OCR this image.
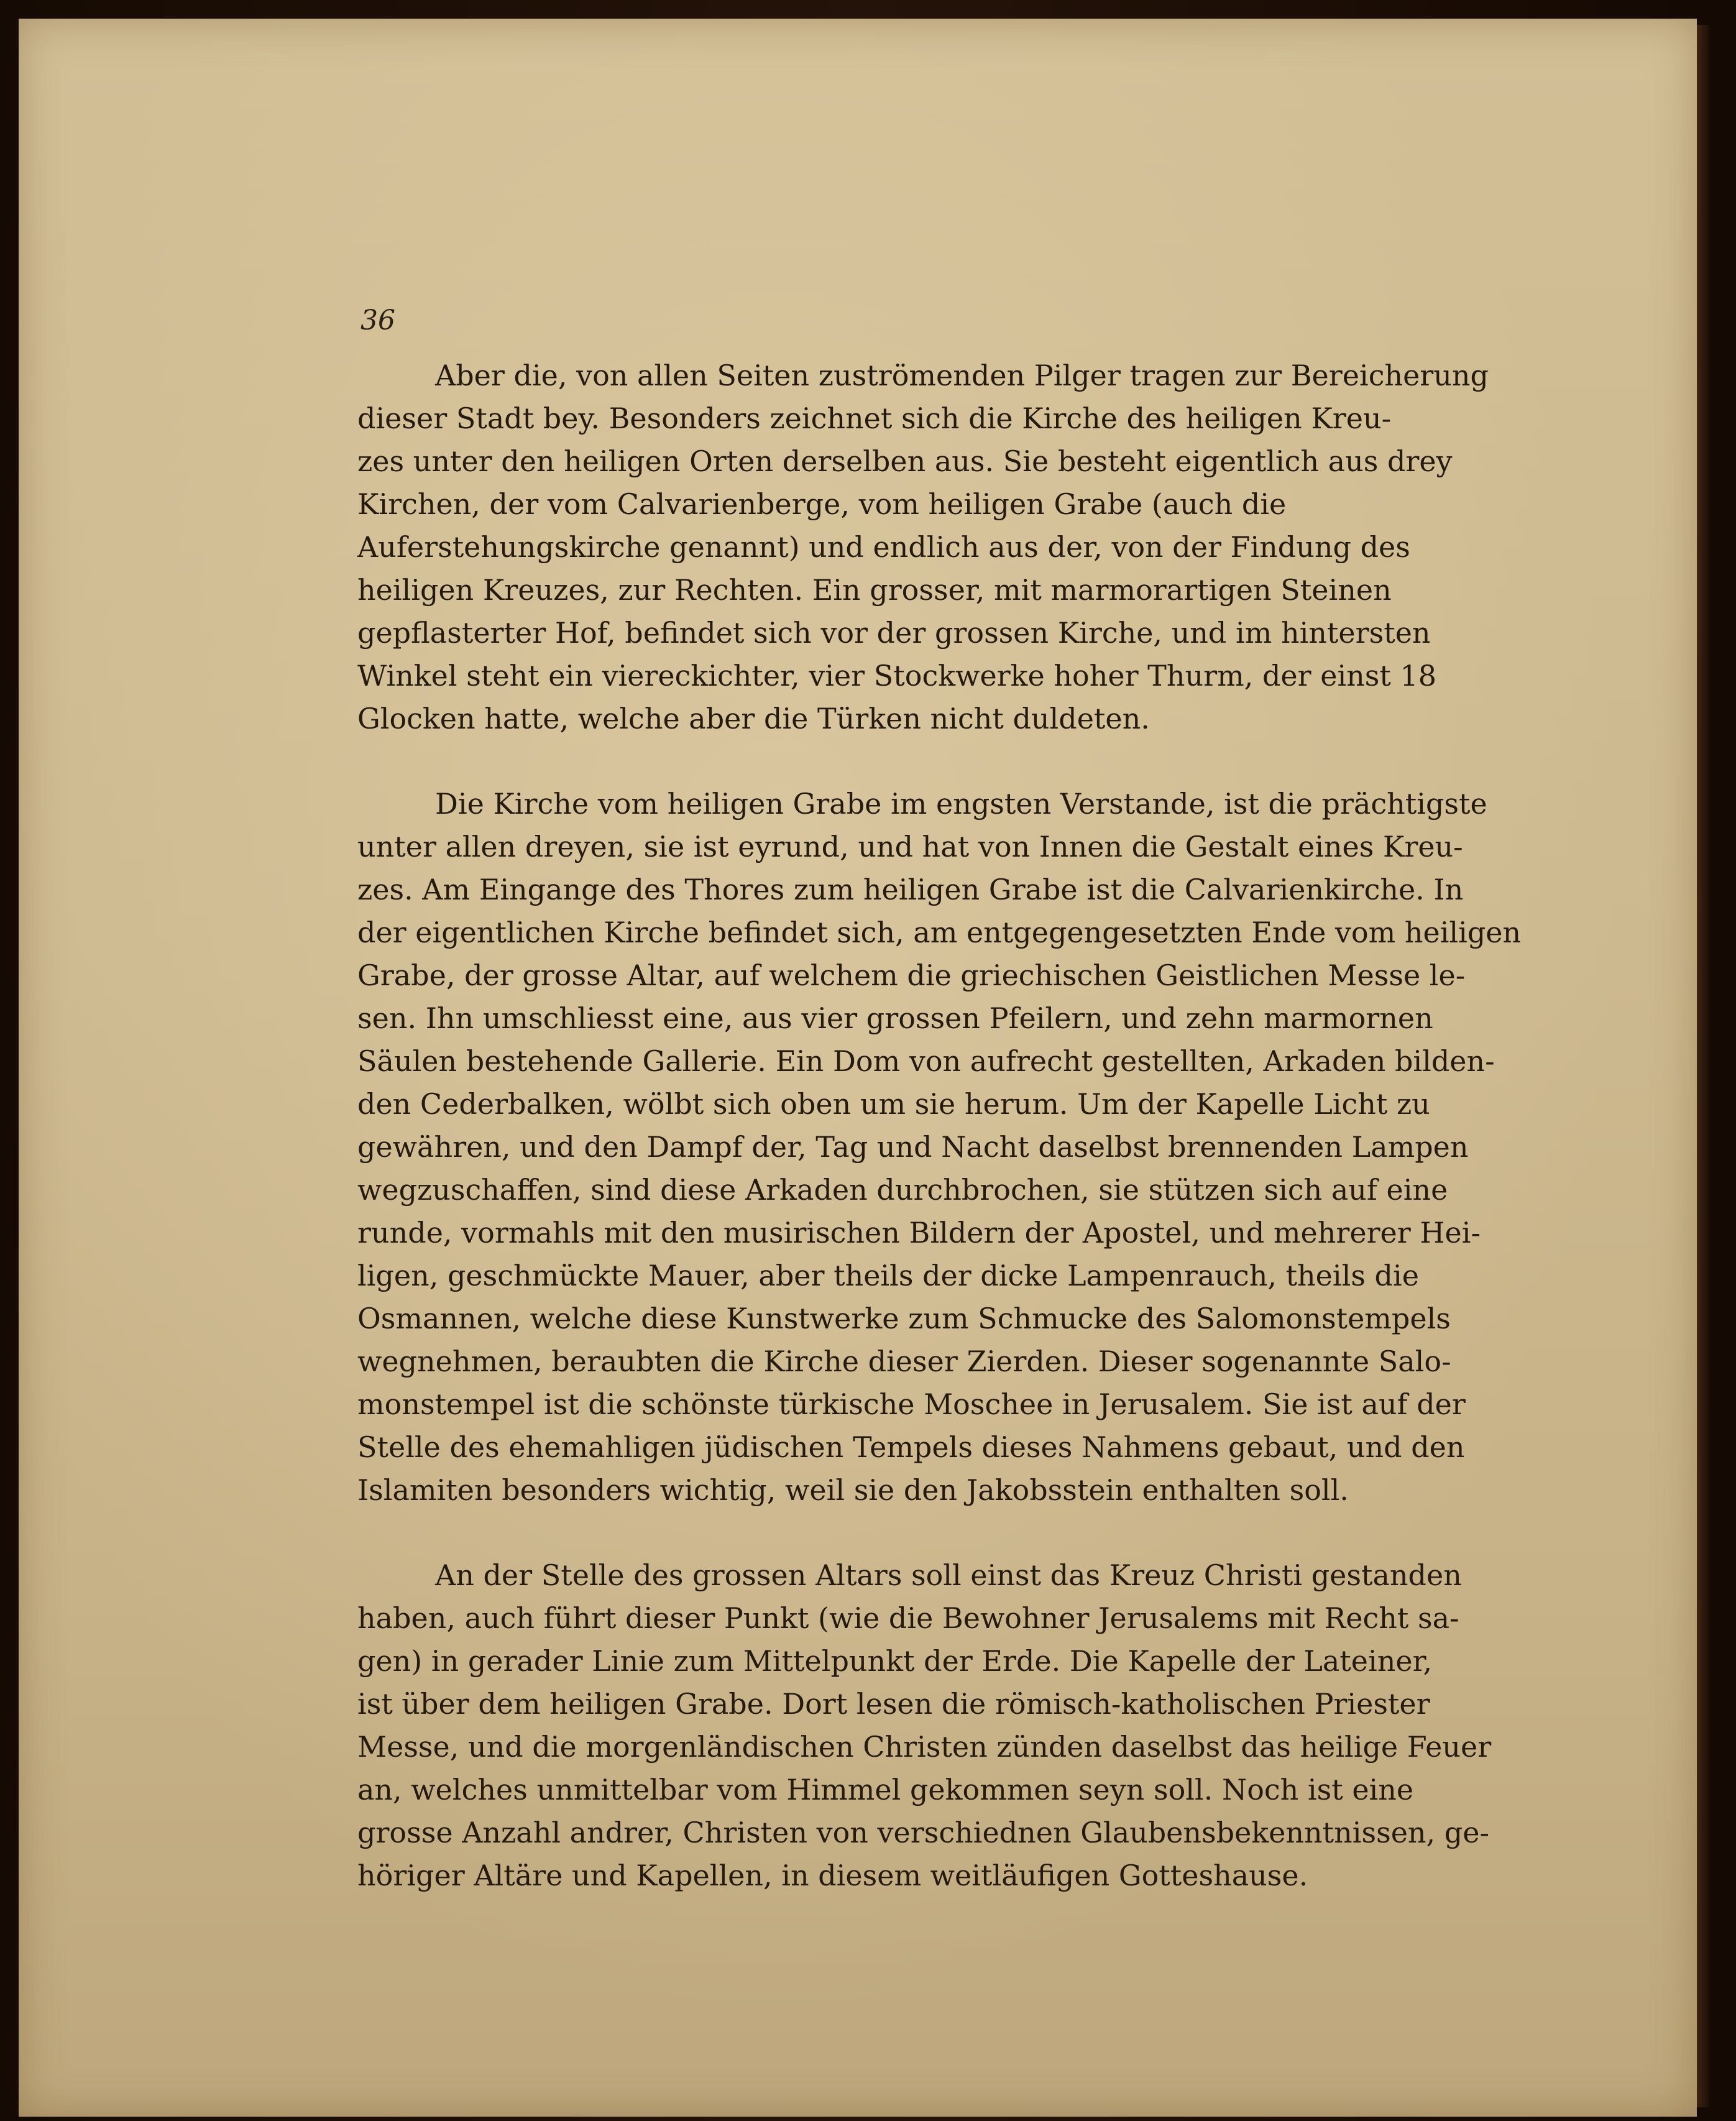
36
Aber die, von allen Seiten zuströmenden Pilger tragen zur Bereicherung
dieser Stadt bey. Besonders zeichnet sich die Kirche des heiligen Kreu-
zes unter den heiligen Orten derselben aus. Sie besteht eigentlich aus drey
Kirchen, der vom Calvarienberge, vom heiligen Grabe (auch die
Auferstehungskirche genannt) und endlich aus der, von der Findung des
heiligen Kreuzes, zur Rechten. Ein grosser, mit marmorartigen Steinen
gepflasterter Hof, befindet sich vor der grossen Kirche, und im hintersten
Winkel steht ein viereckichter, vier Stockwerke hoher Thurm, der einst 18
Glocken hatte, welche aber die Türken nicht duldeten.
Die Kirche vom heiligen Grabe im engsten Verstande, ist die prächtigste
unter allen dreyen, sie ist eyrund, und hat von Innen die Gestalt eines Kreu-
zes. Am Eingange des Thores zum heiligen Grabe ist die Calvarienkirche. In
der eigentlichen Kirche befindet sich, am entgegengesetzten Ende vom heiligen
Grabe, der grosse Altar, auf welchem die griechischen Geistlichen Messe le-
sen. Ihn umschliesst eine, aus vier grossen Pfeilern, und zehn marmornen
Säulen bestehende Gallerie. Ein Dom von aufrecht gestellten, Arkaden bilden-
den Cederbalken, wölbt sich oben um sie herum. Um der Kapelle Licht zu
gewähren, und den Dampf der, Tag und Nacht daselbst brennenden Lampen
wegzuschaffen, sind diese Arkaden durchbrochen, sie stützen sich auf eine
runde, vormahls mit den musirischen Bildern der Apostel, und mehrerer Hei-
ligen, geschmückte Mauer, aber theils der dicke Lampenrauch, theils die
Osmannen, welche diese Kunstwerke zum Schmucke des Salomonstempels
wegnehmen, beraubten die Kirche dieser Zierden. Dieser sogenannte Salo-
monstempel ist die schönste türkische Moschee in Jerusalem. Sie ist auf der
Stelle des ehemahligen jüdischen Tempels dieses Nahmens gebaut, und den
Islamiten besonders wichtig, weil sie den Jakobsstein enthalten soll.
An der Stelle des grossen Altars soll einst das Kreuz Christi gestanden
haben, auch führt dieser Punkt (wie die Bewohner Jerusalems mit Recht sa-
gen) in gerader Linie zum Mittelpunkt der Erde. Die Kapelle der Lateiner,
ist über dem heiligen Grabe. Dort lesen die römisch-katholischen Priester
Messe, und die morgenländischen Christen zünden daselbst das heilige Feuer
an, welches unmittelbar vom Himmel gekommen seyn soll. Noch ist eine
grosse Anzahl andrer, Christen von verschiednen Glaubensbekenntnissen, ge-
höriger Altäre und Kapellen, in diesem weitläufigen Gotteshause.
